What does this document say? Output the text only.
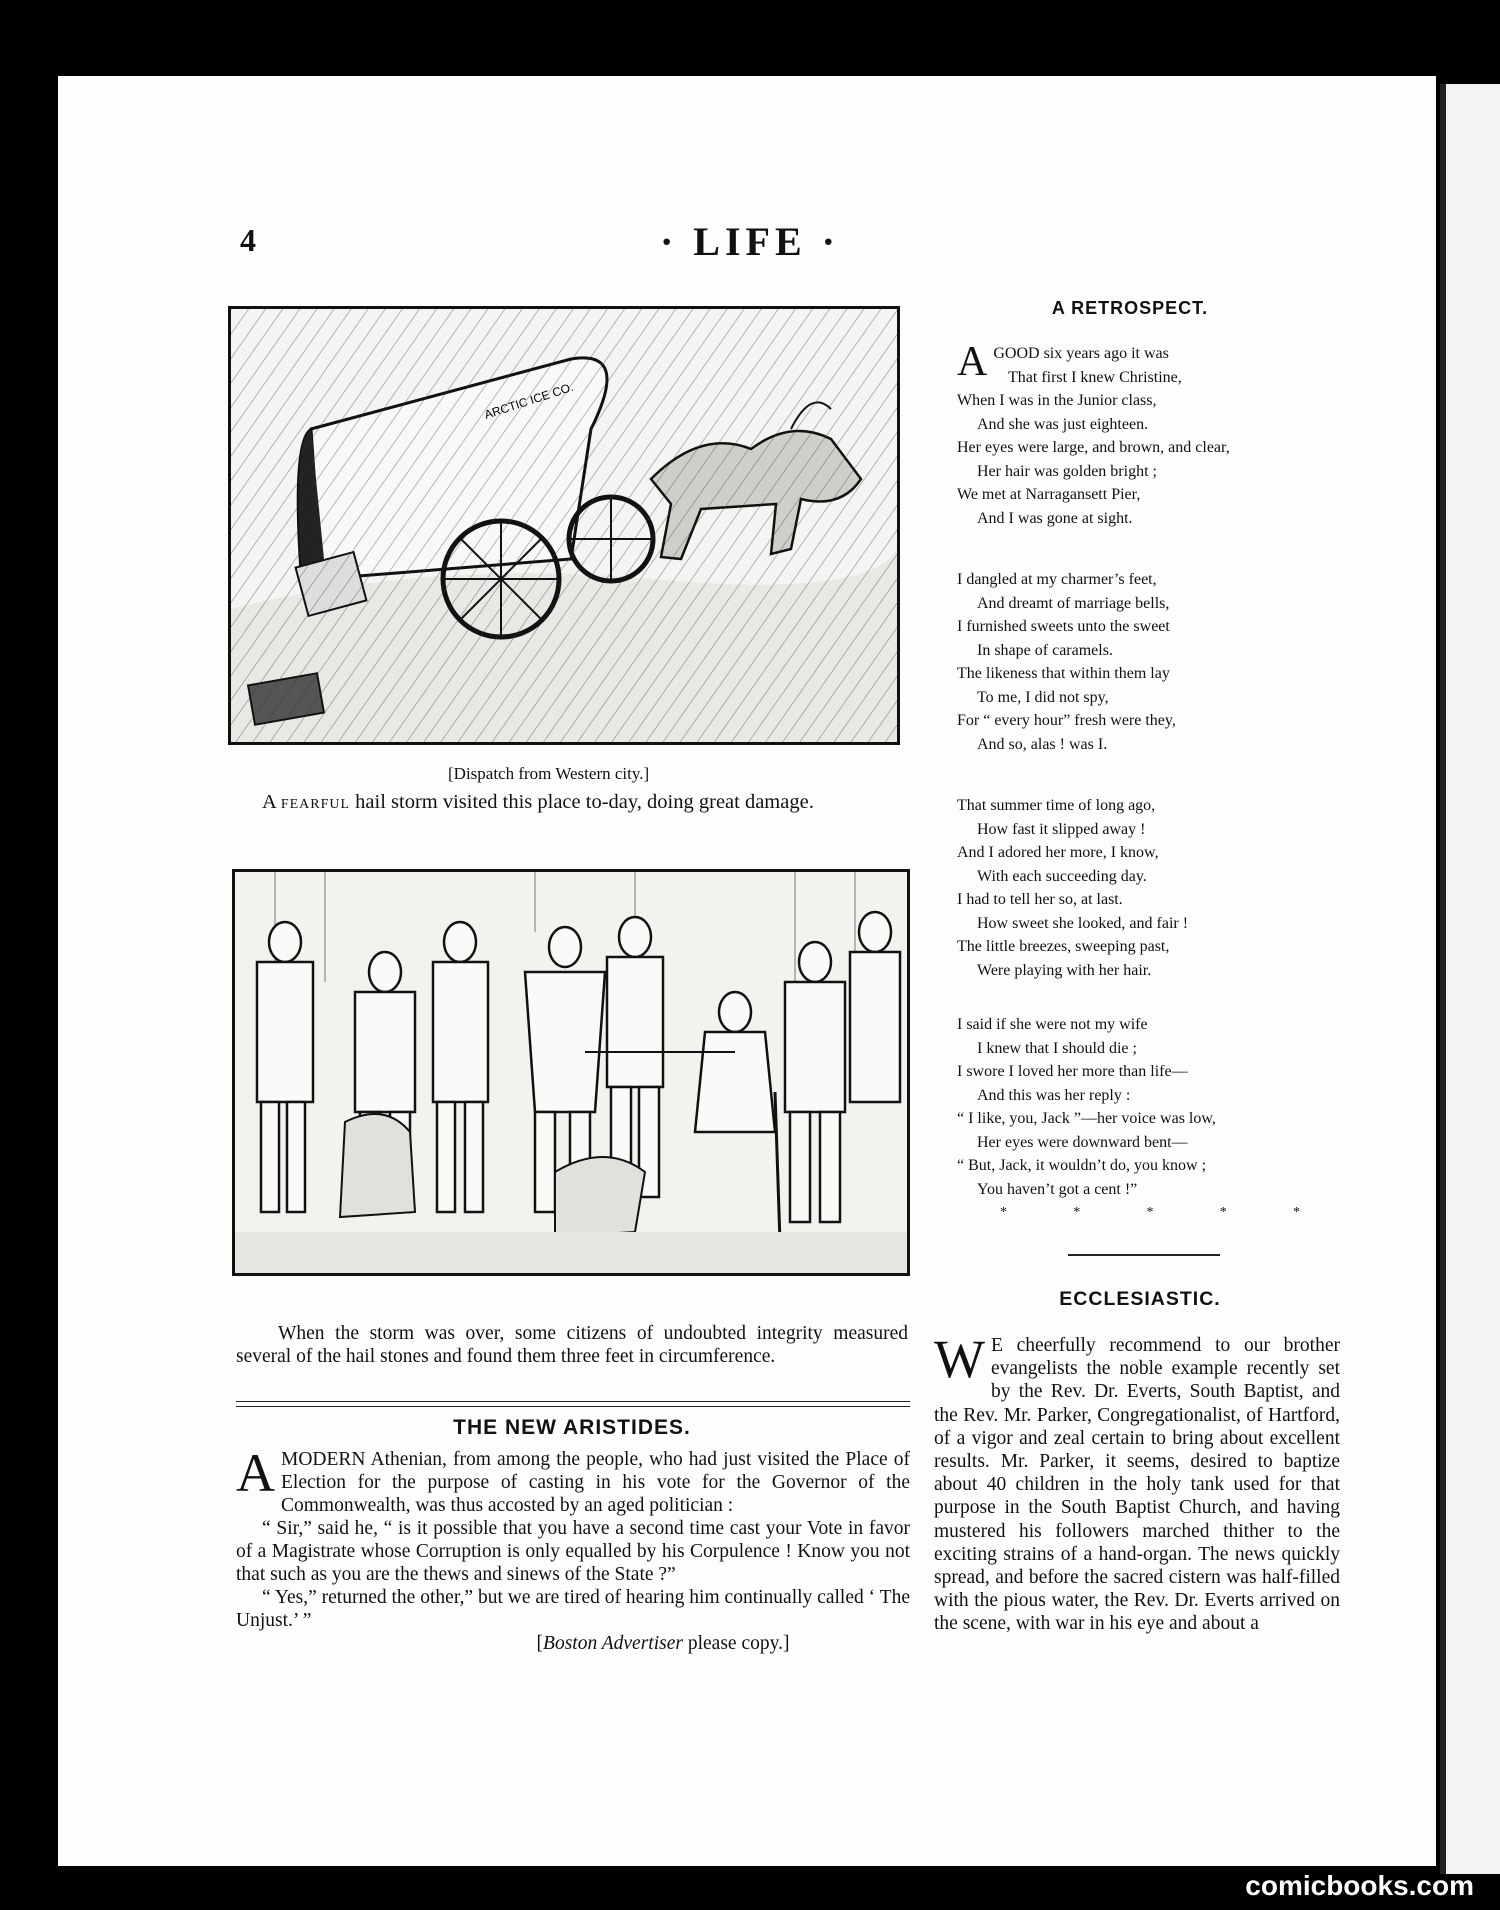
4	· LIFE ·
[Dispatch from Western city.]

A fearful hail storm visited this place to-day, doing great damage.

When the storm was over, some citizens of undoubted integrity measured several of the hail stones and found them three feet in circumference.

THE NEW ARISTIDES.

AMODERN Athenian, from among the people, who had just visited the Place of Election for the purpose of casting in his vote for the Governor of the Commonwealth, was thus accosted by an aged politician :

“ Sir,” said he, “ is it possible that you have a second time cast your Vote in favor of a Magistrate whose Corruption is only equalled by his Corpulence ! Know you not that such as you are the thews and sinews of the State ?”

“ Yes,” returned the other,” but we are tired of hearing him continually called ‘ The Unjust.’ ”

[Boston Advertiser please copy.]

A RETROSPECT.
A GOOD six years ago it was
That first I knew Christine,
When I was in the Junior class,
And she was just eighteen.
Her eyes were large, and brown, and clear,
Her hair was golden bright ;
We met at Narragansett Pier,
And I was gone at sight.
I dangled at my charmer’s feet,
And dreamt of marriage bells,
I furnished sweets unto the sweet
In shape of caramels.
The likeness that within them lay
To me, I did not spy,
For “ every hour” fresh were they,
And so, alas ! was I.
That summer time of long ago,
How fast it slipped away !
And I adored her more, I know,
With each succeeding day.
I had to tell her so, at last.
How sweet she looked, and fair !
The little breezes, sweeping past,
Were playing with her hair.
I said if she were not my wife
I knew that I should die ;
I swore I loved her more than life—
And this was her reply :
“ I like, you, Jack ”—her voice was low,
Her eyes were downward bent—
“ But, Jack, it wouldn’t do, you know ;
You haven’t got a cent !”
*	*	*	*	*
ECCLESIASTIC.

W E cheerfully recommend to our brother evangelists the noble example recently set by the Rev. Dr. Everts, South Baptist, and the Rev. Mr. Parker, Congregationalist, of Hartford, of a vigor and zeal certain to bring about excellent results. Mr. Parker, it seems, desired to baptize about 40 children in the holy tank used for that purpose in the South Baptist Church, and having mustered his followers marched thither to the exciting strains of a hand-organ. The news quickly spread, and before the sacred cistern was half-filled with the pious water, the Rev. Dr. Everts arrived on the scene, with war in his eye and about a

comicbooks.com
